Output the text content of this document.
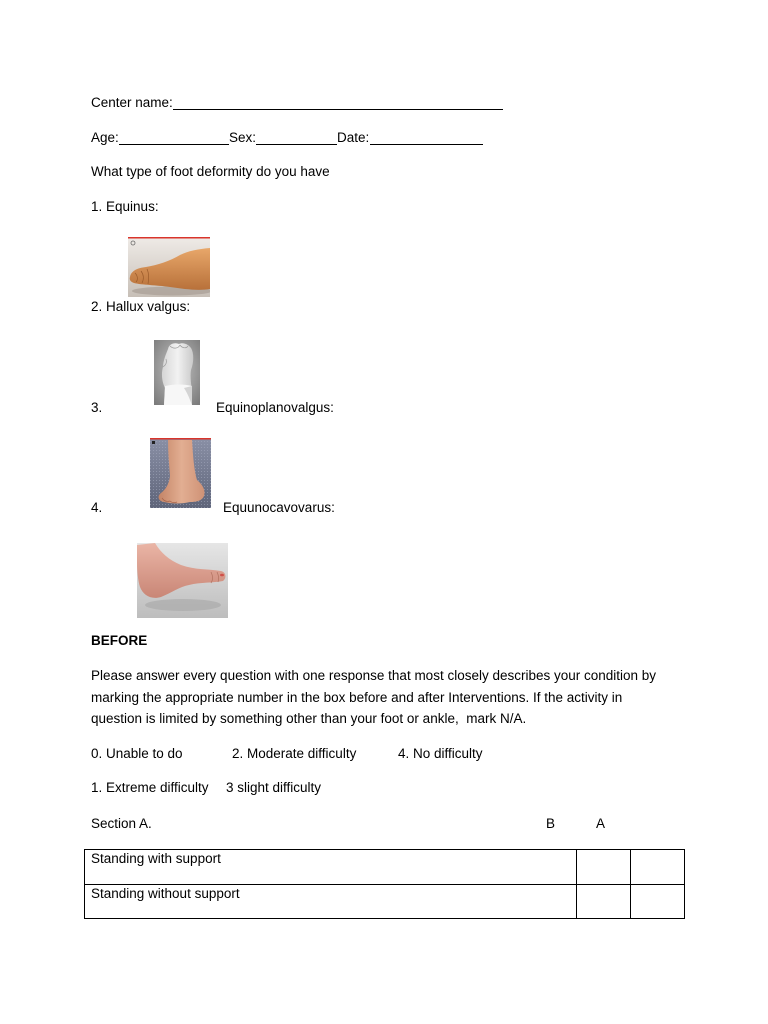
Center name:
Age:	Sex:	Date:
What type of foot deformity do you have
1. Equinus:
2. Hallux valgus:
3.	Equinoplanovalgus:
4.	Equunocavovarus:
BEFORE
Please answer every question with one response that most closely describes your condition by
marking the appropriate number in the box before and after Interventions. If the activity in
question is limited by something other than your foot or ankle,  mark N/A.
0. Unable to do	2. Moderate difficulty	4. No difficulty
1. Extreme difficulty 3 slight difficulty
Section A.	B	A
Standing with support		
Standing without support		
